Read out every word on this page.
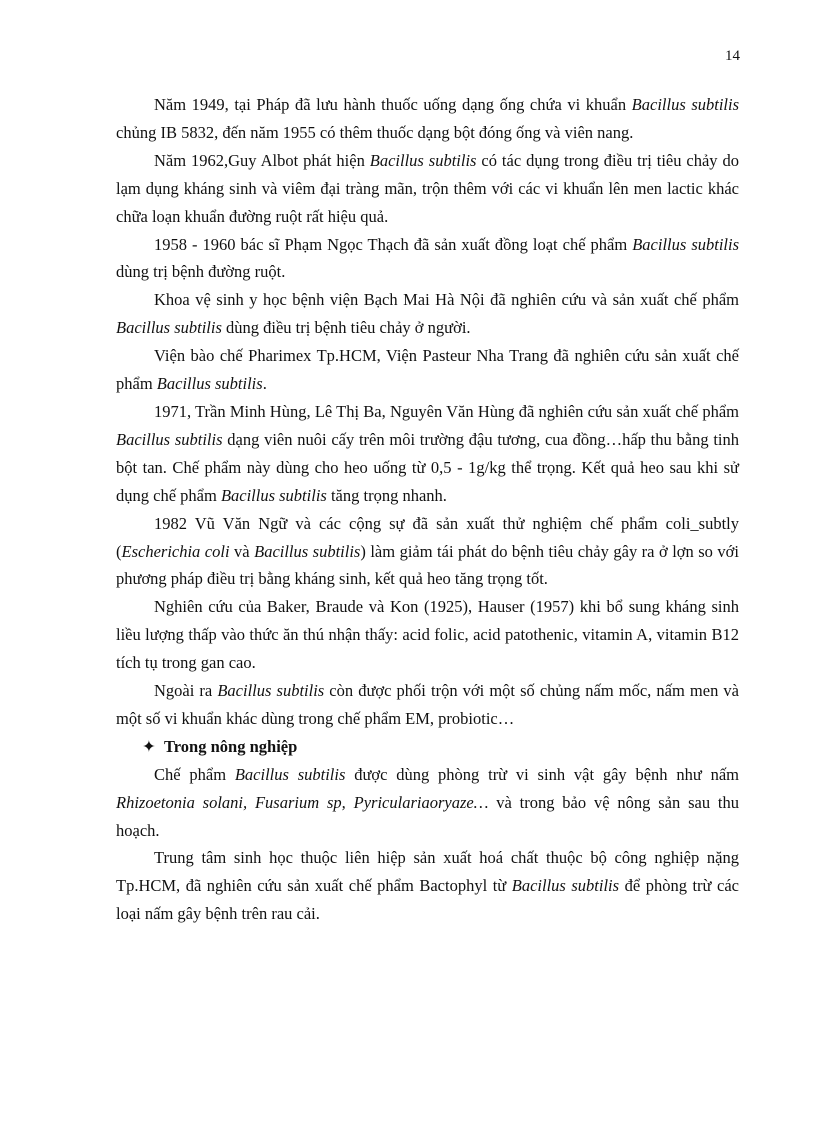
14

Năm 1949, tại Pháp đã lưu hành thuốc uống dạng ống chứa vi khuẩn Bacillus subtilis chủng IB 5832, đến năm 1955 có thêm thuốc dạng bột đóng ống và viên nang.

Năm 1962,Guy Albot phát hiện Bacillus subtilis có tác dụng trong điều trị tiêu chảy do lạm dụng kháng sinh và viêm đại tràng mãn, trộn thêm với các vi khuẩn lên men lactic khác chữa loạn khuẩn đường ruột rất hiệu quả.

1958 - 1960 bác sĩ Phạm Ngọc Thạch đã sản xuất đồng loạt chế phẩm Bacillus subtilis dùng trị bệnh đường ruột.

Khoa vệ sinh y học bệnh viện Bạch Mai Hà Nội đã nghiên cứu và sản xuất chế phẩm Bacillus subtilis dùng điều trị bệnh tiêu chảy ở người.

Viện bào chế Pharimex Tp.HCM, Viện Pasteur Nha Trang đã nghiên cứu sản xuất chế phẩm Bacillus subtilis.

1971, Trần Minh Hùng, Lê Thị Ba, Nguyên Văn Hùng đã nghiên cứu sản xuất chế phẩm Bacillus subtilis dạng viên nuôi cấy trên môi trường đậu tương, cua đồng…hấp thu bằng tinh bột tan. Chế phẩm này dùng cho heo uống từ 0,5 - 1g/kg thể trọng. Kết quả heo sau khi sử dụng chế phẩm Bacillus subtilis tăng trọng nhanh.

1982 Vũ Văn Ngữ và các cộng sự đã sản xuất thử nghiệm chế phẩm coli_subtly (Escherichia coli và Bacillus subtilis) làm giảm tái phát do bệnh tiêu chảy gây ra ở lợn so với phương pháp điều trị bằng kháng sinh, kết quả heo tăng trọng tốt.

Nghiên cứu của Baker, Braude và Kon (1925), Hauser (1957) khi bổ sung kháng sinh liều lượng thấp vào thức ăn thú nhận thấy: acid folic, acid patothenic, vitamin A, vitamin B12 tích tụ trong gan cao.

Ngoài ra Bacillus subtilis còn được phối trộn với một số chủng nấm mốc, nấm men và một số vi khuẩn khác dùng trong chế phẩm EM, probiotic…

✦ Trong nông nghiệp

Chế phẩm Bacillus subtilis được dùng phòng trừ vi sinh vật gây bệnh như nấm Rhizoetonia solani, Fusarium sp, Pyriculariaoryaze… và trong bảo vệ nông sản sau thu hoạch.

Trung tâm sinh học thuộc liên hiệp sản xuất hoá chất thuộc bộ công nghiệp nặng Tp.HCM, đã nghiên cứu sản xuất chế phẩm Bactophyl từ Bacillus subtilis để phòng trừ các loại nấm gây bệnh trên rau cải.
